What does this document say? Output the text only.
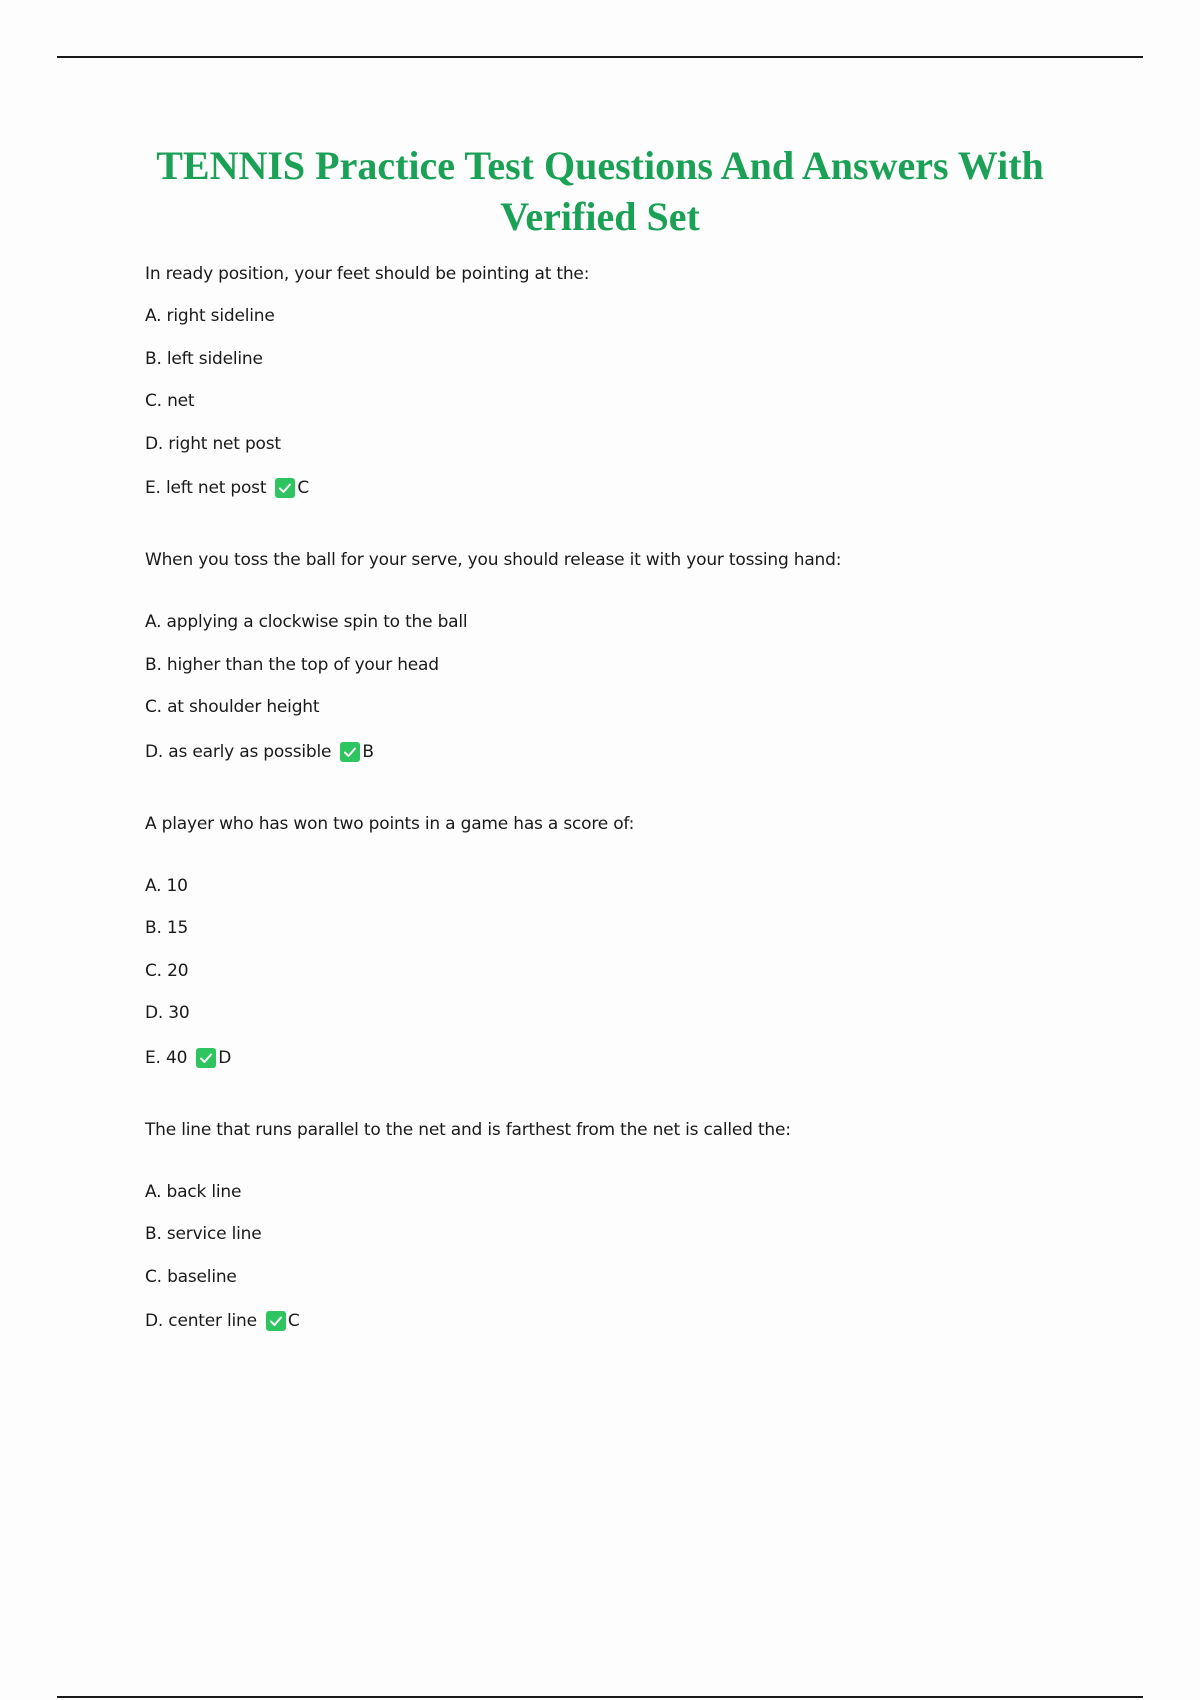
TENNIS Practice Test Questions And Answers With Verified Set
In ready position, your feet should be pointing at the:
A. right sideline
B. left sideline
C. net
D. right net post
E. left net post C
When you toss the ball for your serve, you should release it with your tossing hand:
A. applying a clockwise spin to the ball
B. higher than the top of your head
C. at shoulder height
D. as early as possible B
A player who has won two points in a game has a score of:
A. 10
B. 15
C. 20
D. 30
E. 40 D
The line that runs parallel to the net and is farthest from the net is called the:
A. back line
B. service line
C. baseline
D. center line C
